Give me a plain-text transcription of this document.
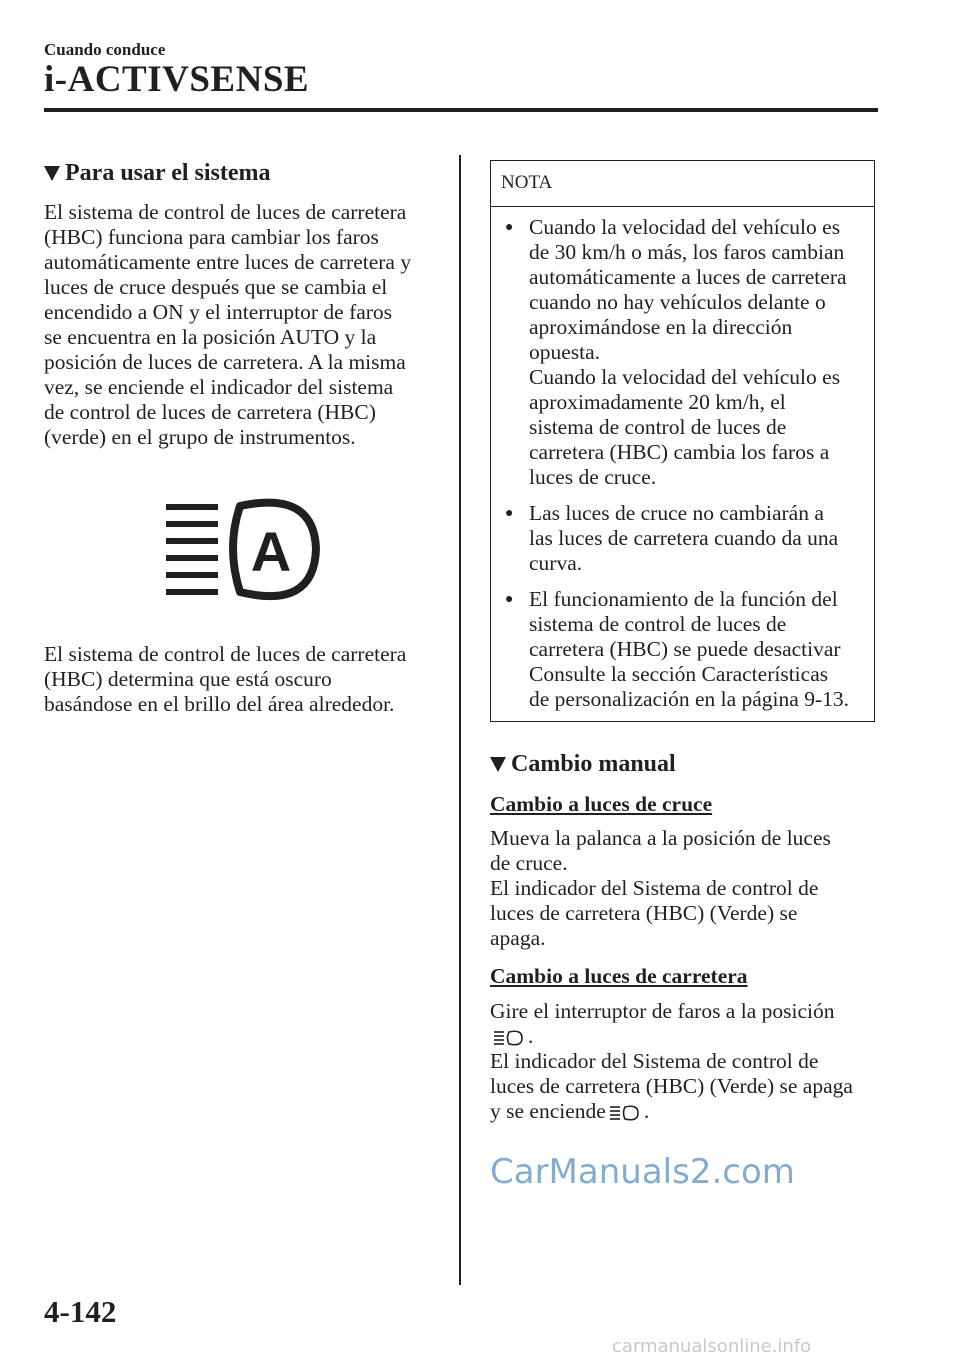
Cuando conduce
i-ACTIVSENSE
Para usar el sistema

El sistema de control de luces de carretera

(HBC) funciona para cambiar los faros

automáticamente entre luces de carretera y

luces de cruce después que se cambia el

encendido a ON y el interruptor de faros

se encuentra en la posición AUTO y la

posición de luces de carretera. A la misma

vez, se enciende el indicador del sistema

de control de luces de carretera (HBC)

(verde) en el grupo de instrumentos.

A

El sistema de control de luces de carretera

(HBC) determina que está oscuro

basándose en el brillo del área alrededor.

NOTA
● Cuando la velocidad del vehículo es
de 30 km/h o más, los faros cambian
automáticamente a luces de carretera
cuando no hay vehículos delante o
aproximándose en la dirección
opuesta.
Cuando la velocidad del vehículo es
aproximadamente 20 km/h, el
sistema de control de luces de
carretera (HBC) cambia los faros a
luces de cruce.
● Las luces de cruce no cambiarán a
las luces de carretera cuando da una
curva.
● El funcionamiento de la función del
sistema de control de luces de
carretera (HBC) se puede desactivar
Consulte la sección Características
de personalización en la página 9-13.
Cambio manual
Cambio a luces de cruce

Mueva la palanca a la posición de luces

de cruce.

El indicador del Sistema de control de

luces de carretera (HBC) (Verde) se

apaga.

Cambio a luces de carretera

Gire el interruptor de faros a la posición

.

El indicador del Sistema de control de

luces de carretera (HBC) (Verde) se apaga

y se enciende .

CarManuals2.com
4-142
carmanualsonline.info
